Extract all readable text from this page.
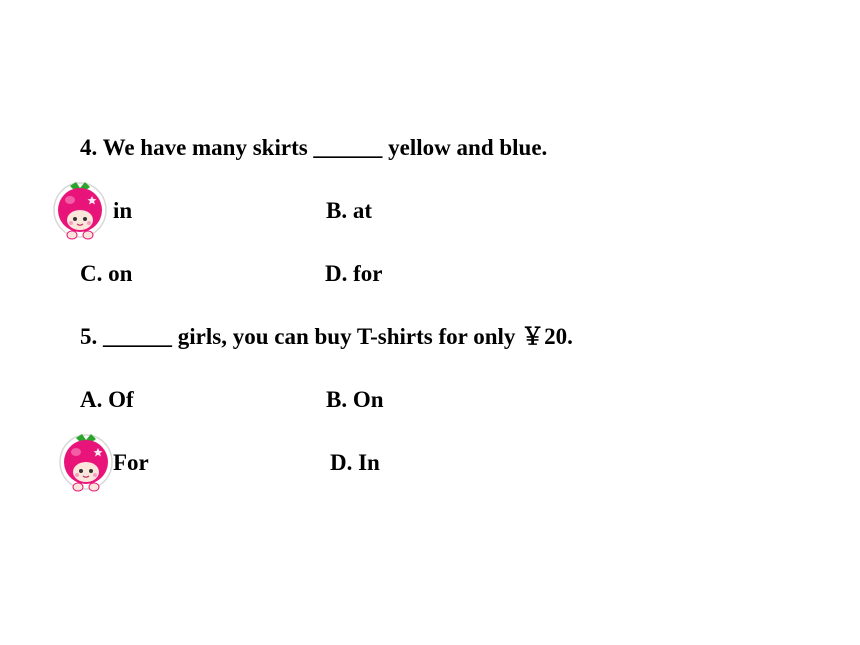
4. We have many skirts ______ yellow and blue.
in	B. at
C. on	D. for
5. ______ girls, you can buy T-shirts for only ￥20.
A. Of	B. On
For	D. In
